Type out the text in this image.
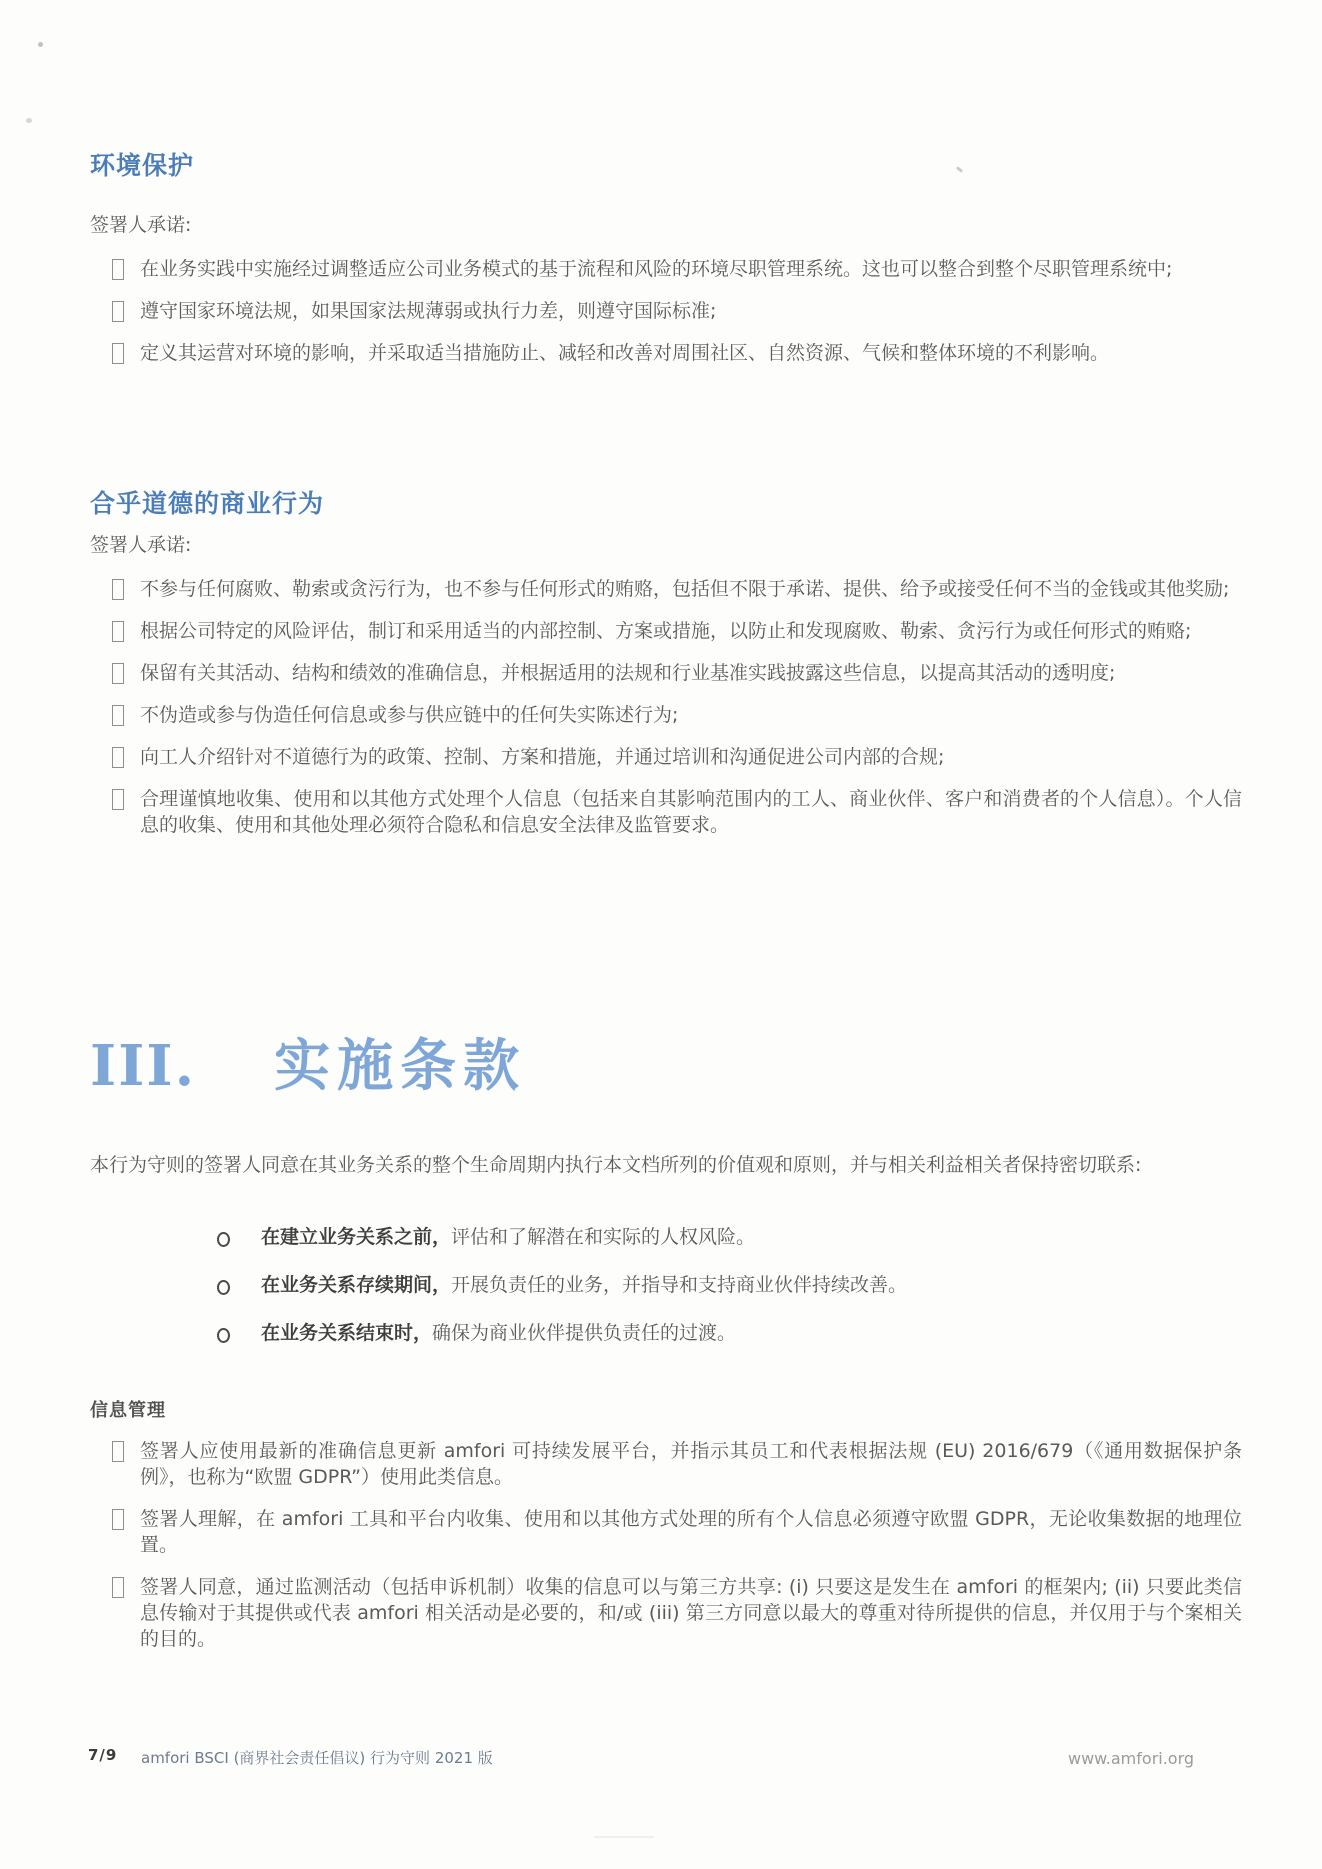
环境保护
签署人承诺:
在业务实践中实施经过调整适应公司业务模式的基于流程和风险的环境尽职管理系统。这也可以整合到整个尽职管理系统中;
遵守国家环境法规，如果国家法规薄弱或执行力差，则遵守国际标准;
定义其运营对环境的影响，并采取适当措施防止、减轻和改善对周围社区、自然资源、气候和整体环境的不利影响。
合乎道德的商业行为
签署人承诺:
不参与任何腐败、勒索或贪污行为，也不参与任何形式的贿赂，包括但不限于承诺、提供、给予或接受任何不当的金钱或其他奖励;
根据公司特定的风险评估，制订和采用适当的内部控制、方案或措施，以防止和发现腐败、勒索、贪污行为或任何形式的贿赂;
保留有关其活动、结构和绩效的准确信息，并根据适用的法规和行业基准实践披露这些信息，以提高其活动的透明度;
不伪造或参与伪造任何信息或参与供应链中的任何失实陈述行为;
向工人介绍针对不道德行为的政策、控制、方案和措施，并通过培训和沟通促进公司内部的合规;
合理谨慎地收集、使用和以其他方式处理个人信息（包括来自其影响范围内的工人、商业伙伴、客户和消费者的个人信息）。个人信息的收集、使用和其他处理必须符合隐私和信息安全法律及监管要求。
III. 实施条款
本行为守则的签署人同意在其业务关系的整个生命周期内执行本文档所列的价值观和原则，并与相关利益相关者保持密切联系:
在建立业务关系之前，评估和了解潜在和实际的人权风险。
在业务关系存续期间，开展负责任的业务，并指导和支持商业伙伴持续改善。
在业务关系结束时，确保为商业伙伴提供负责任的过渡。
信息管理
签署人应使用最新的准确信息更新 amfori 可持续发展平台，并指示其员工和代表根据法规 (EU) 2016/679（《通用数据保护条例》，也称为“欧盟 GDPR”）使用此类信息。
签署人理解，在 amfori 工具和平台内收集、使用和以其他方式处理的所有个人信息必须遵守欧盟 GDPR，无论收集数据的地理位置。
签署人同意，通过监测活动（包括申诉机制）收集的信息可以与第三方共享: (i) 只要这是发生在 amfori 的框架内; (ii) 只要此类信息传输对于其提供或代表 amfori 相关活动是必要的，和/或 (iii) 第三方同意以最大的尊重对待所提供的信息，并仅用于与个案相关的目的。
7/9 amfori BSCI (商界社会责任倡议) 行为守则 2021 版	www.amfori.org
